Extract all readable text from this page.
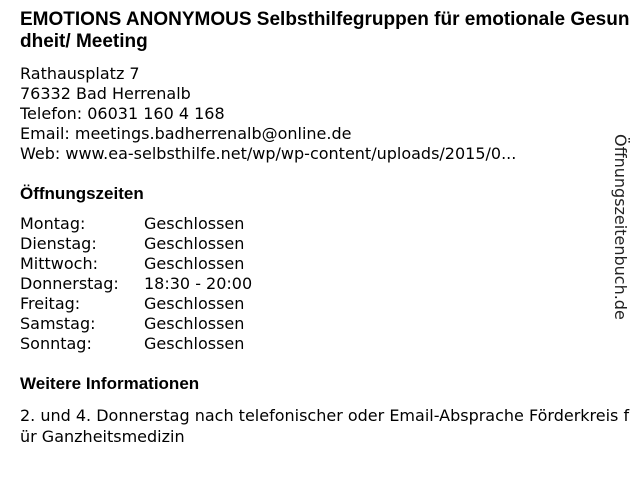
EMOTIONS ANONYMOUS Selbsthilfegruppen für emotionale Gesundheit/ Meeting
Rathausplatz 7
76332 Bad Herrenalb
Telefon: 06031 160 4 168
Email: meetings.badherrenalb@online.de
Web: www.ea-selbsthilfe.net/wp/wp-content/uploads/2015/0...
Öffnungszeiten
Montag:	Geschlossen
Dienstag:	Geschlossen
Mittwoch:	Geschlossen
Donnerstag:	18:30 - 20:00
Freitag:	Geschlossen
Samstag:	Geschlossen
Sonntag:	Geschlossen
Weitere Informationen
2. und 4. Donnerstag nach telefonischer oder Email-Absprache Förderkreis für Ganzheitsmedizin
Öffnungszeitenbuch.de
